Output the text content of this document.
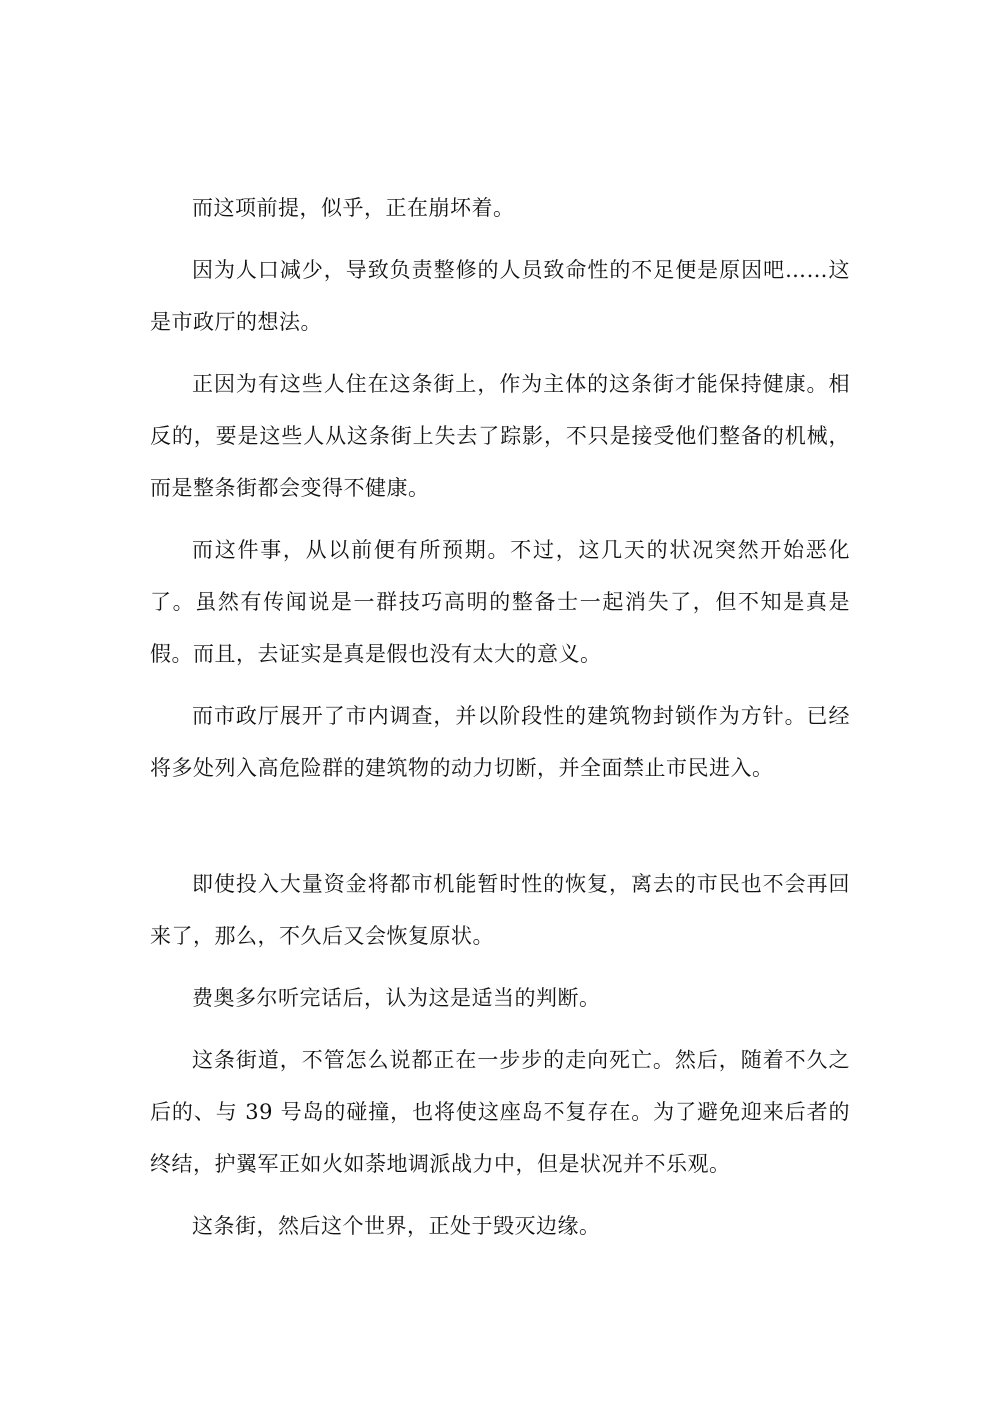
而这项前提，似乎，正在崩坏着。

因为人口减少，导致负责整修的人员致命性的不足便是原因吧……这是市政厅的想法。

正因为有这些人住在这条街上，作为主体的这条街才能保持健康。相反的，要是这些人从这条街上失去了踪影，不只是接受他们整备的机械，而是整条街都会变得不健康。

而这件事，从以前便有所预期。不过，这几天的状况突然开始恶化了。虽然有传闻说是一群技巧高明的整备士一起消失了，但不知是真是假。而且，去证实是真是假也没有太大的意义。

而市政厅展开了市内调查，并以阶段性的建筑物封锁作为方针。已经将多处列入高危险群的建筑物的动力切断，并全面禁止市民进入。

即使投入大量资金将都市机能暂时性的恢复，离去的市民也不会再回来了，那么，不久后又会恢复原状。

费奥多尔听完话后，认为这是适当的判断。

这条街道，不管怎么说都正在一步步的走向死亡。然后，随着不久之后的、与 39 号岛的碰撞，也将使这座岛不复存在。为了避免迎来后者的终结，护翼军正如火如荼地调派战力中，但是状况并不乐观。

这条街，然后这个世界，正处于毁灭边缘。
